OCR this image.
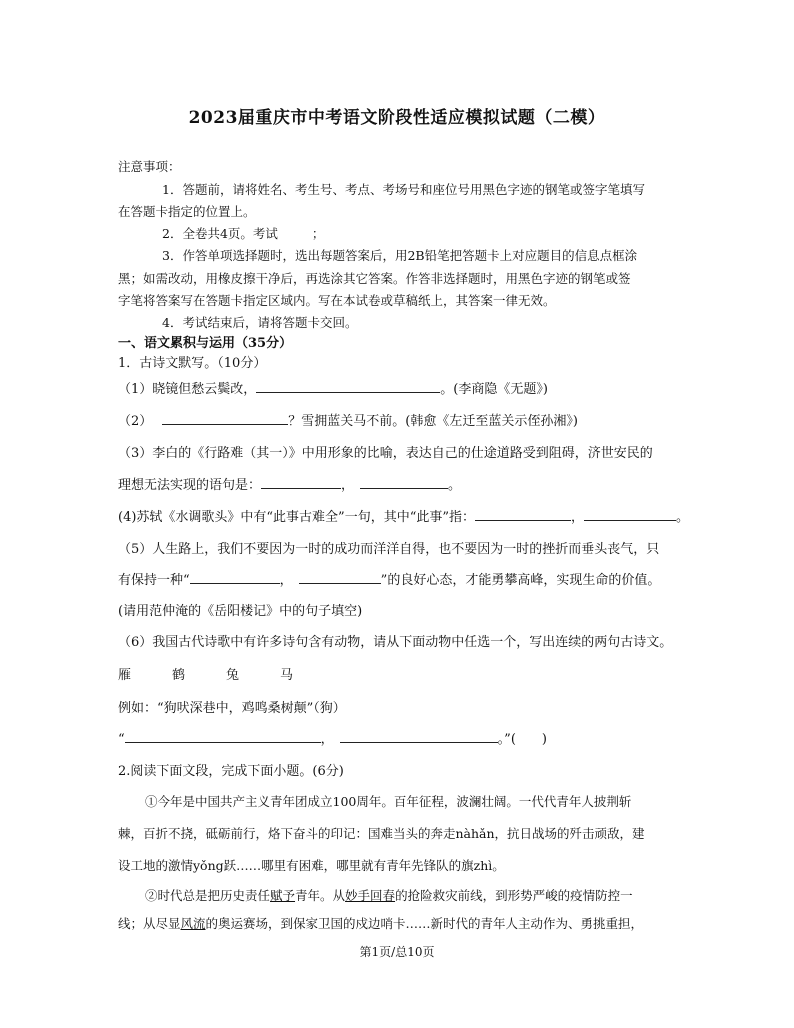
2023届重庆市中考语文阶段性适应模拟试题（二模）
注意事项：
1．答题前，请将姓名、考生号、考点、考场号和座位号用黑色字迹的钢笔或签字笔填写
在答题卡指定的位置上。
2．全卷共4页。考试	；
3．作答单项选择题时，选出每题答案后，用2B铅笔把答题卡上对应题目的信息点框涂
黑；如需改动，用橡皮擦干净后，再选涂其它答案。作答非选择题时，用黑色字迹的钢笔或签
字笔将答案写在答题卡指定区域内。写在本试卷或草稿纸上，其答案一律无效。
4．考试结束后，请将答题卡交回。
一、语文累积与运用（35分）
1．古诗文默写。（10分）
（1）晓镜但愁云鬓改，	。(李商隐《无题》)
（2）	？雪拥蓝关马不前。(韩愈《左迁至蓝关示侄孙湘》)
（3）李白的《行路难（其一）》中用形象的比喻，表达自己的仕途道路受到阻碍，济世安民的
理想无法实现的语句是：	，	。
(4)苏轼《水调歌头》中有“此事古难全”一句，其中“此事”指：	，	。
（5）人生路上，我们不要因为一时的成功而洋洋自得，也不要因为一时的挫折而垂头丧气，只
有保持一种“	，	”的良好心态，才能勇攀高峰，实现生命的价值。
(请用范仲淹的《岳阳楼记》中的句子填空)
（6）我国古代诗歌中有许多诗句含有动物，请从下面动物中任选一个，写出连续的两句古诗文。
雁	鹤	兔	马
例如：“狗吠深巷中，鸡鸣桑树颠”（狗）
“	，	。”(　　)
2.阅读下面文段，完成下面小题。(6分)
①今年是中国共产主义青年团成立100周年。百年征程，波澜壮阔。一代代青年人披荆斩
棘，百折不挠，砥砺前行，烙下奋斗的印记：国难当头的奔走nàhǎn，抗日战场的歼击顽敌，建
设工地的激情yǒng跃……哪里有困难，哪里就有青年先锋队的旗zhì。
②时代总是把历史责任赋予青年。从妙手回春的抢险救灾前线，到形势严峻的疫情防控一
线；从尽显风流的奥运赛场，到保家卫国的戍边哨卡……新时代的青年人主动作为、勇挑重担，
第1页/总10页
